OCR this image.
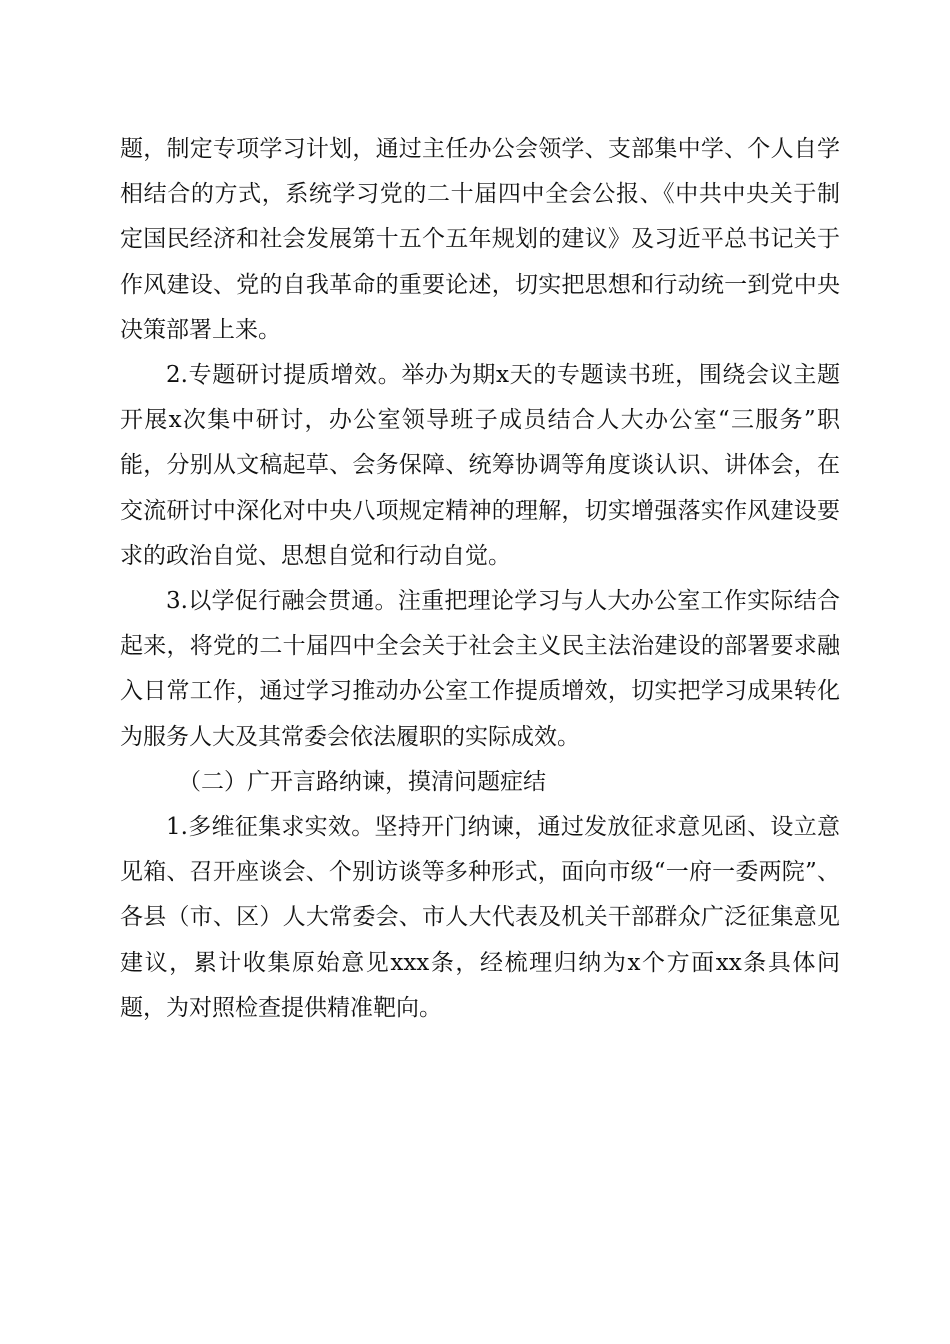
题，制定专项学习计划，通过主任办公会领学、支部集中学、个人自学相结合的方式，系统学习党的二十届四中全会公报、《中共中央关于制定国民经济和社会发展第十五个五年规划的建议》及习近平总书记关于作风建设、党的自我革命的重要论述，切实把思想和行动统一到党中央决策部署上来。

2.专题研讨提质增效。举办为期x天的专题读书班，围绕会议主题开展x次集中研讨，办公室领导班子成员结合人大办公室“三服务”职能，分别从文稿起草、会务保障、统筹协调等角度谈认识、讲体会，在交流研讨中深化对中央八项规定精神的理解，切实增强落实作风建设要求的政治自觉、思想自觉和行动自觉。

3.以学促行融会贯通。注重把理论学习与人大办公室工作实际结合起来，将党的二十届四中全会关于社会主义民主法治建设的部署要求融入日常工作，通过学习推动办公室工作提质增效，切实把学习成果转化为服务人大及其常委会依法履职的实际成效。

（二）广开言路纳谏，摸清问题症结

1.多维征集求实效。坚持开门纳谏，通过发放征求意见函、设立意见箱、召开座谈会、个别访谈等多种形式，面向市级“一府一委两院”、各县（市、区）人大常委会、市人大代表及机关干部群众广泛征集意见建议，累计收集原始意见xxx条，经梳理归纳为x个方面xx条具体问题，为对照检查提供精准靶向。
